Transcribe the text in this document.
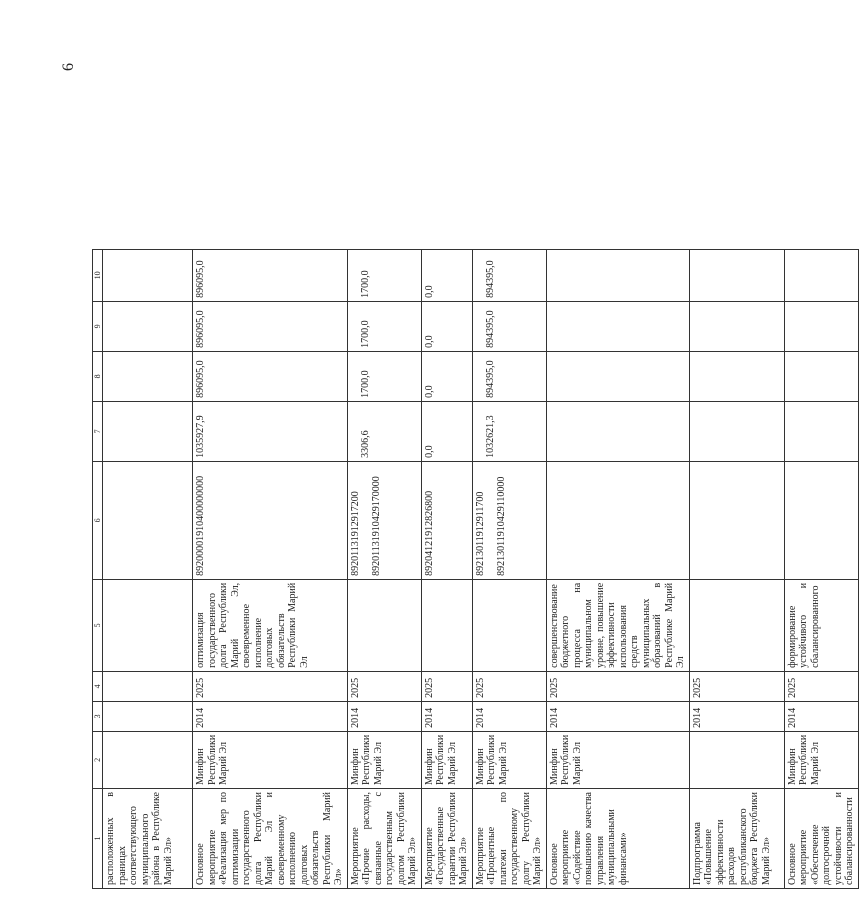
6
1	2	3	4	5	6	7	8	9	10
расположенных в границах соответствующего муниципального района в Республике Марий Эл»									
Основное мероприятие «Реализация мер по оптимизации государственного долга Республики Марий Эл и своевременному исполнению долговых обязательств Республики Марий Эл»	Минфин Республики Марий Эл	2014	2025	оптимизация государственного долга Республики Марий Эл, своевременное исполнение долговых обязательств Республики Марий Эл	89200001910400000000	1035927,9	896095,0	896095,0	896095,0

Мероприятие «Прочие расходы, связанные с государственным долгом Республики Марий Эл»	Минфин Республики Марий Эл	2014	2025		89201131912917200 89201131910429170000	3306,6	1700,0	1700,0	1700,0

Мероприятие «Государственные гарантии Республики Марий Эл»	Минфин Республики Марий Эл	2014	2025		89204121912826800	0,0	0,0	0,0	0,0

Мероприятие «Процентные платежи по государственному долгу Республики Марий Эл»	Минфин Республики Марий Эл	2014	2025		89213011912911700 89213011910429110000	1032621,3	894395,0	894395,0	894395,0

Основное мероприятие «Содействие повышению качества управления муниципальными финансами»	Минфин Республики Марий Эл	2014	2025	совершенствование бюджетного процесса на муниципальном уровне, повышение эффективности использования средств муниципальных образований в Республике Марий Эл					
Подпрограмма «Повышение эффективности расходов республиканского бюджета Республики Марий Эл»		2014	2025						
Основное мероприятие «Обеспечение долгосрочной устойчивости и сбалансированности	Минфин Республики Марий Эл	2014	2025	формирование устойчивого и сбалансированного					
